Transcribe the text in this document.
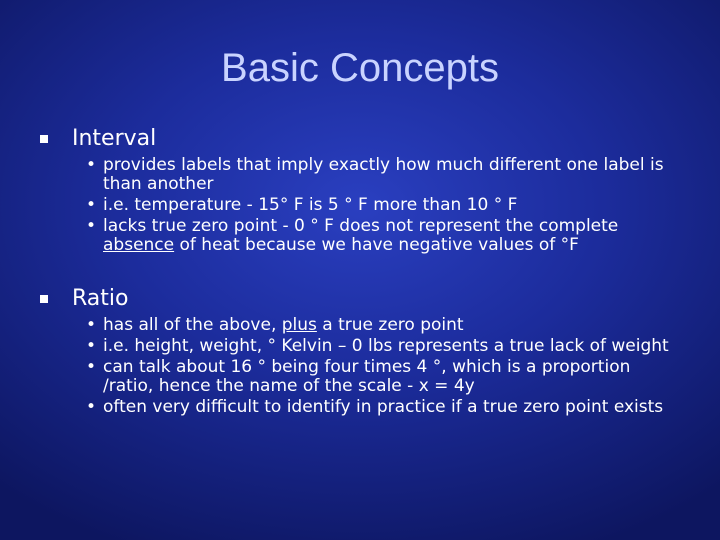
Basic Concepts
Interval
• provides labels that imply exactly how much different one label is than another
• i.e. temperature - 15° F is 5 ° F more than 10 ° F
• lacks true zero point - 0 ° F does not represent the complete absence of heat because we have negative values of °F
Ratio
• has all of the above, plus a true zero point
• i.e. height, weight, ° Kelvin – 0 lbs represents a true lack of weight
• can talk about 16 ° being four times 4 °, which is a proportion /ratio, hence the name of the scale - x = 4y
• often very difficult to identify in practice if a true zero point exists
